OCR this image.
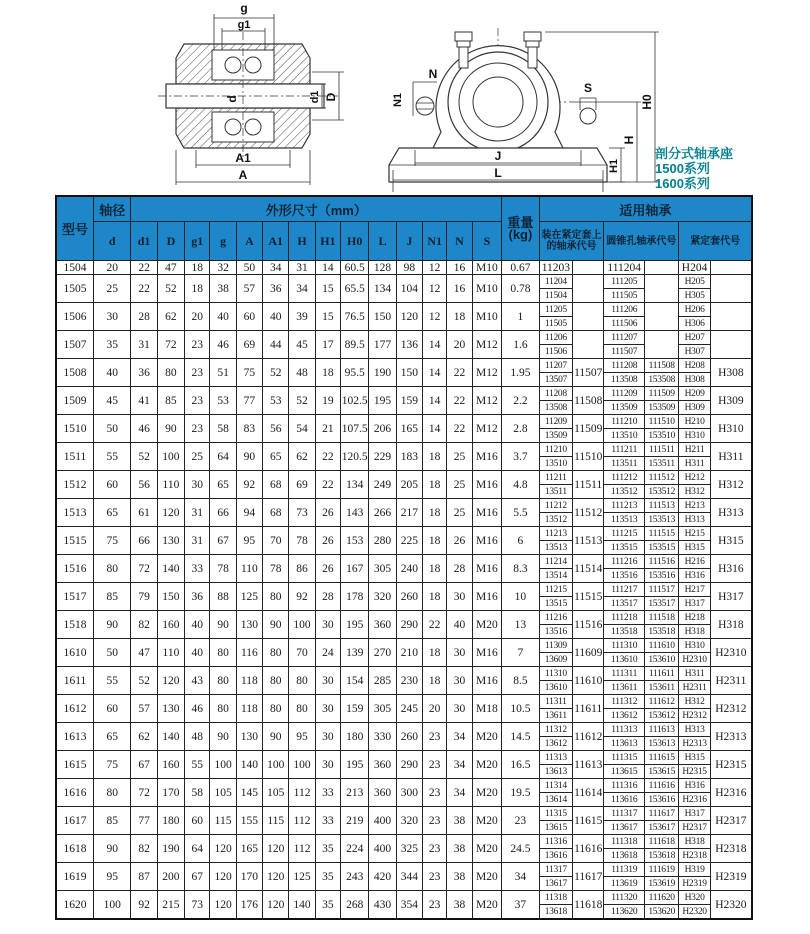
g
g1
d	d1 D
A1
A
N
N1
S
H1
H
H0
J
L
剖分式轴承座
1500系列
1600系列
型号	轴径	外形尺寸（mm）														重量
(kg)	适用轴承					
	d	d1	D	g1	g	A	A1	H	H1	H0	L	J	N1	N	S		装在紧定套上的轴承代号		圆锥孔轴承代号		紧定套代号	
1504	20	22	47	18	32	50	34	31	14	60.5	128	98	12	16	M10	0.67	11203		111204		H204	

1505	25	22	52	18	38	57	36	34	15	65.5	134	104	12	16	M10	0.78	11204		111205		H205	
																	11504		111505		H305	
1506	30	28	62	20	40	60	40	39	15	76.5	150	120	12	18	M10	1	11205		111206		H206	
																	11505		111506		H306	
1507	35	31	72	23	46	69	44	45	17	89.5	177	136	14	20	M12	1.6	11206		111207		H207	
																	11506		111507		H307	
1508	40	36	80	23	51	75	52	48	18	95.5	190	150	14	22	M12	1.95	11207	11507	111208	111508	H208	H308
																	13507		113508	153508	H308	
1509	45	41	85	23	53	77	53	52	19	102.5	195	159	14	22	M12	2.2	11208	11508	111209	111509	H209	H309
																	13508		113509	153509	H309	
1510	50	46	90	23	58	83	56	54	21	107.5	206	165	14	22	M12	2.8	11209	11509	111210	111510	H210	H310
																	13509		113510	153510	H310	
1511	55	52	100	25	64	90	65	62	22	120.5	229	183	18	25	M16	3.7	11210	11510	111211	111511	H211	H311
																	13510		113511	153511	H311	
1512	60	56	110	30	65	92	68	69	22	134	249	205	18	25	M16	4.8	11211	11511	111212	111512	H212	H312
																	13511		113512	153512	H312	
1513	65	61	120	31	66	94	68	73	26	143	266	217	18	25	M16	5.5	11212	11512	111213	111513	H213	H313
																	13512		113513	153513	H313	
1515	75	66	130	31	67	95	70	78	26	153	280	225	18	26	M16	6	11213	11513	111215	111515	H215	H315
																	13513		113515	153515	H315	
1516	80	72	140	33	78	110	78	86	26	167	305	240	18	28	M16	8.3	11214	11514	111216	111516	H216	H316
																	13514		113516	153516	H316	
1517	85	79	150	36	88	125	80	92	28	178	320	260	18	30	M16	10	11215	11515	111217	111517	H217	H317
																	13515		113517	153517	H317	
1518	90	82	160	40	90	130	90	100	30	195	360	290	22	40	M20	13	11216	11516	111218	111518	H218	H318
																	13516		113518	153518	H318	
1610	50	47	110	40	80	116	80	70	24	139	270	210	18	30	M16	7	11309	11609	111310	111610	H310	H2310
																	13609		113610	153610	H2310	
1611	55	52	120	43	80	118	80	80	30	154	285	230	18	30	M16	8.5	11310	11610	111311	111611	H311	H2311
																	13610		113611	153611	H2311	
1612	60	57	130	46	80	118	80	80	30	159	305	245	20	30	M18	10.5	11311	11611	111312	111612	H312	H2312
																	13611		113612	153612	H2312	
1613	65	62	140	48	90	130	90	95	30	180	330	260	23	34	M20	14.5	11312	11612	111313	111613	H313	H2313
																	13612		113613	153613	H2313	
1615	75	67	160	55	100	140	100	100	30	195	360	290	23	34	M20	16.5	11313	11613	111315	111615	H315	H2315
																	13613		113615	153615	H2315	
1616	80	72	170	58	105	145	105	112	33	213	360	300	23	34	M20	19.5	11314	11614	111316	111616	H316	H2316
																	13614		113616	153616	H2316	
1617	85	77	180	60	115	155	115	112	33	219	400	320	23	38	M20	23	11315	11615	111317	111617	H317	H2317
																	13615		113617	153617	H2317	
1618	90	82	190	64	120	165	120	112	35	224	400	325	23	38	M20	24.5	11316	11616	111318	111618	H318	H2318
																	13616		113618	153618	H2318	
1619	95	87	200	67	120	170	120	125	35	243	420	344	23	38	M20	34	11317	11617	111319	111619	H319	H2319
																	13617		113619	153619	H2319	
1620	100	92	215	73	120	176	120	140	35	268	430	354	23	38	M20	37	11318	11618	111320	111620	H320	H2320
																	13618		113620	153620	H2320	
